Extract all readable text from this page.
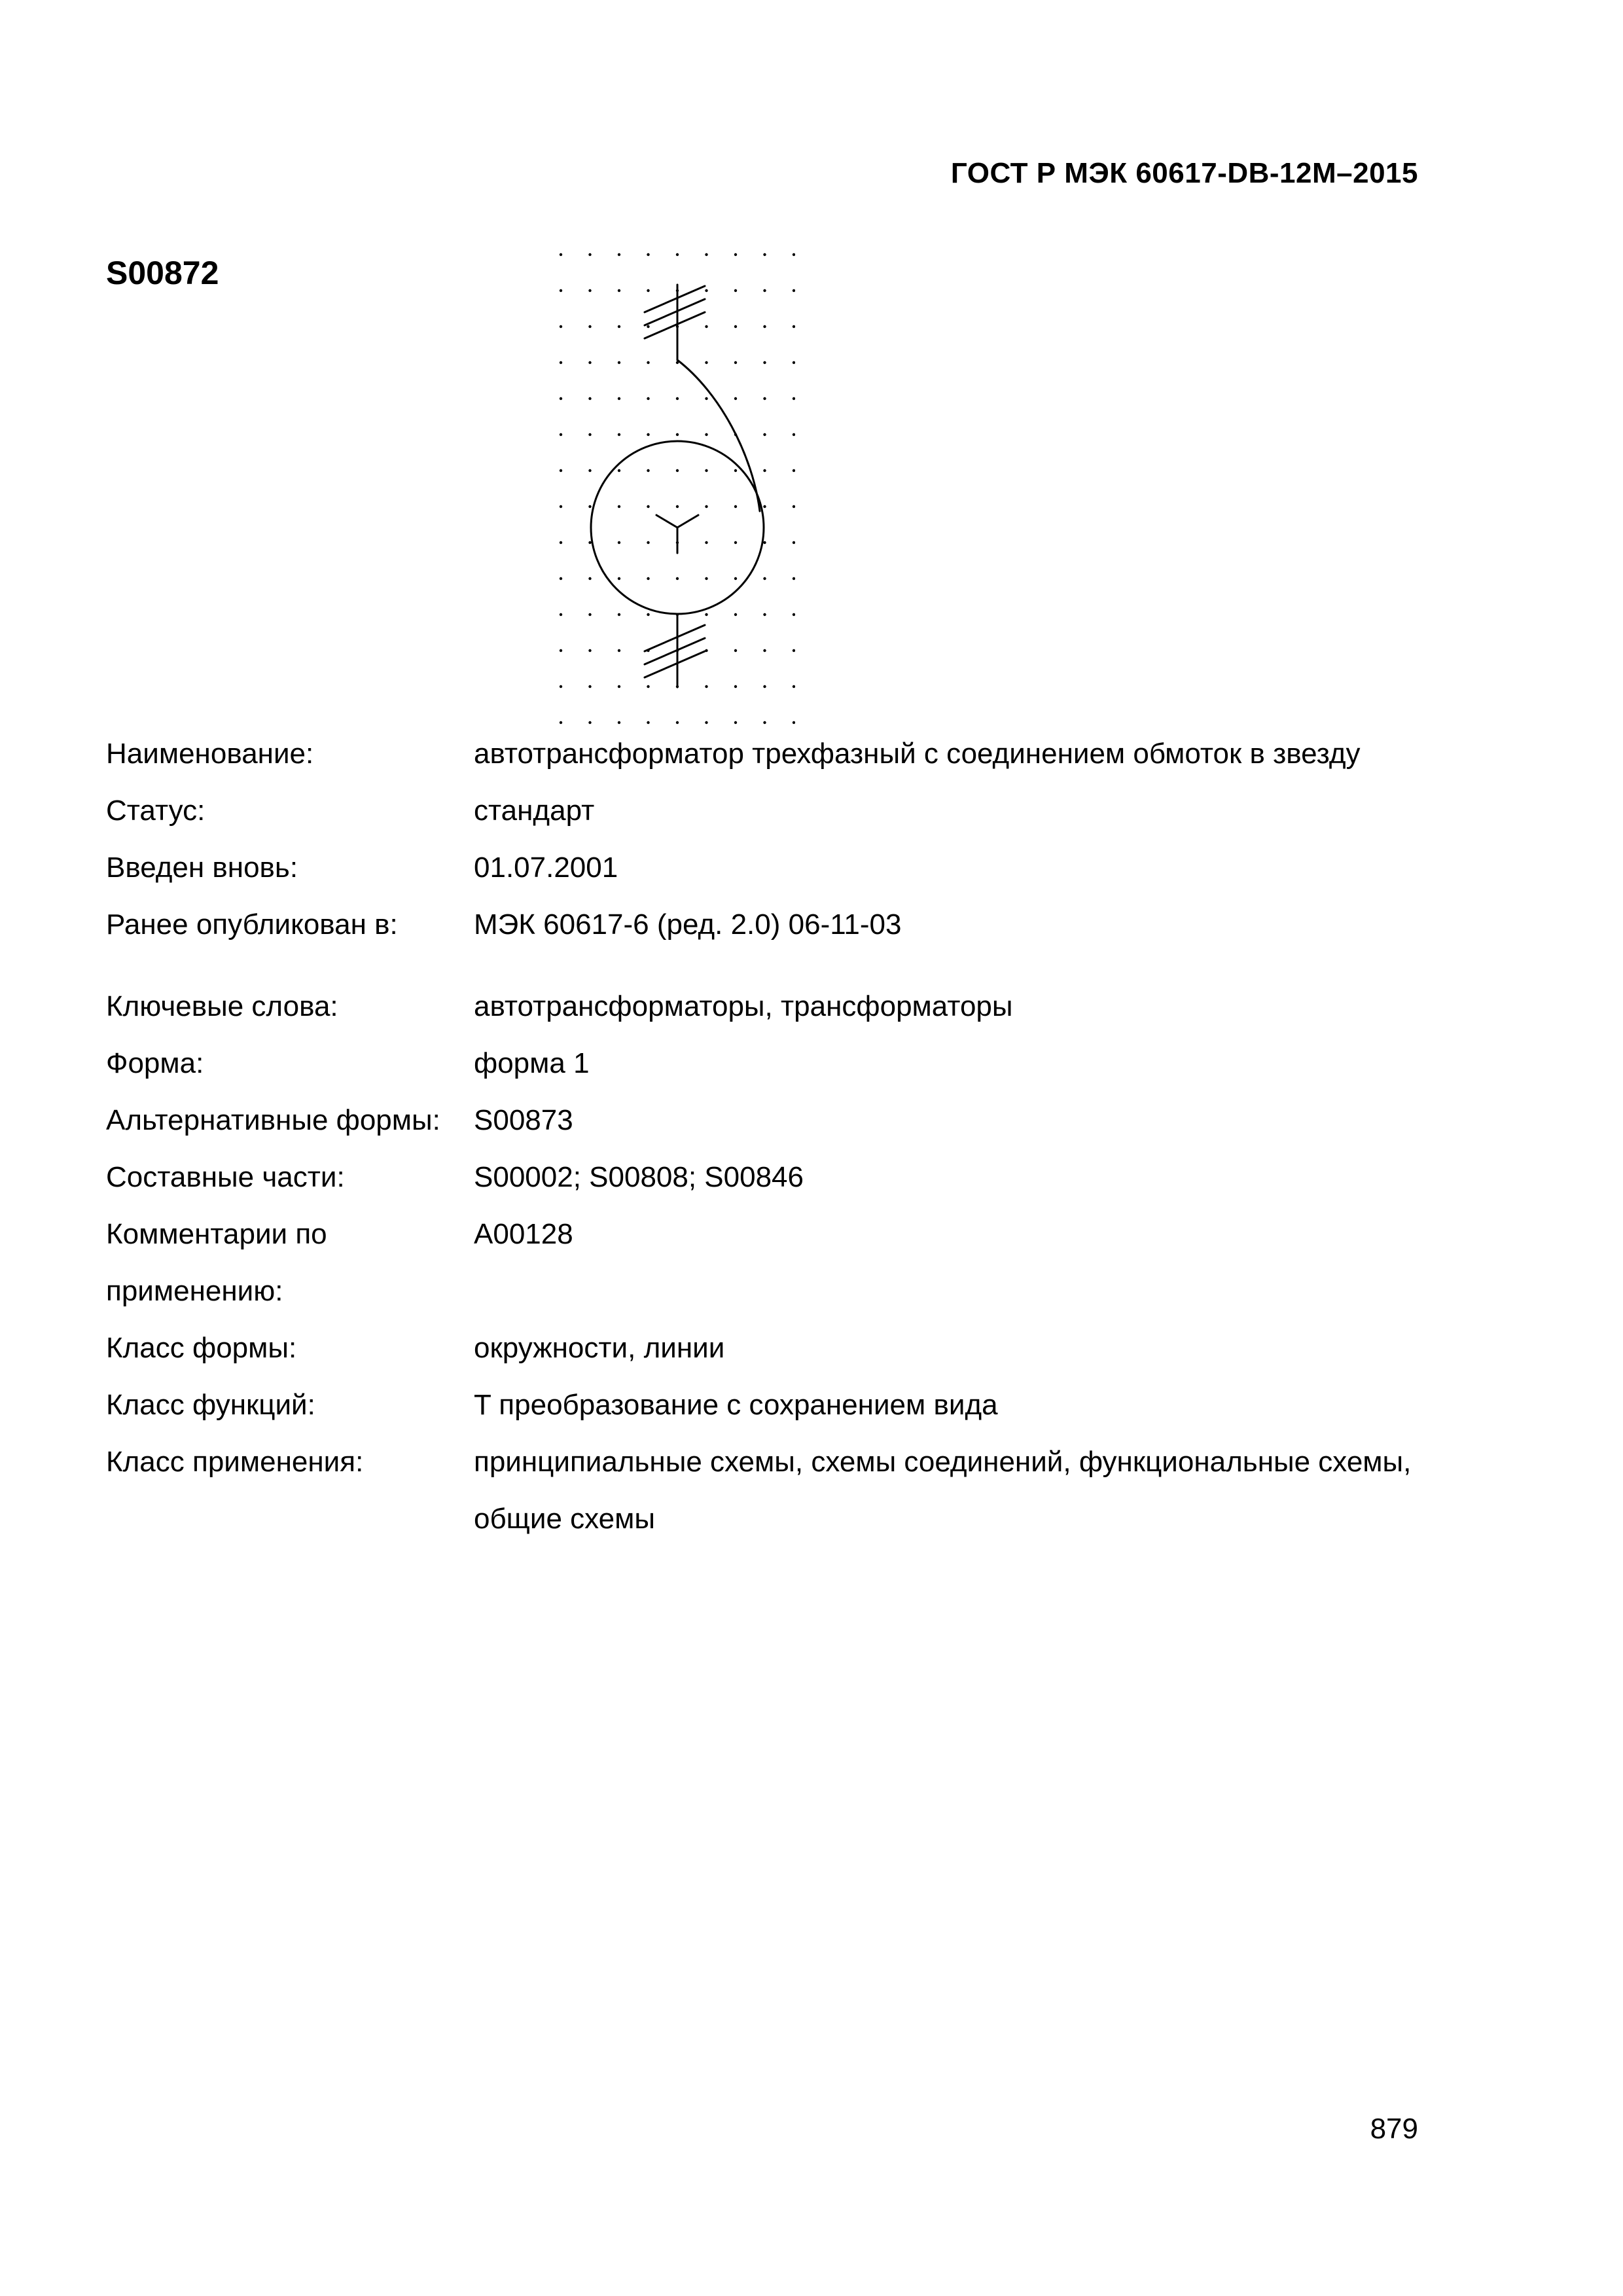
ГОСТ Р МЭК 60617-DB-12M–2015
S00872
Наименование:	автотрансформатор трехфазный с соединением обмоток в звезду
Статус:	стандарт
Введен вновь:	01.07.2001
Ранее опубликован в:	МЭК 60617-6 (ред. 2.0) 06-11-03
Ключевые слова:	автотрансформаторы, трансформаторы
Форма:	форма 1
Альтернативные формы:	S00873
Составные части:	S00002; S00808; S00846
Комментарии по применению:
A00128
Класс формы:	окружности, линии
Класс функций:	T преобразование с сохранением вида
Класс применения:	принципиальные схемы, схемы соединений, функциональные схемы,  общие схемы
879
